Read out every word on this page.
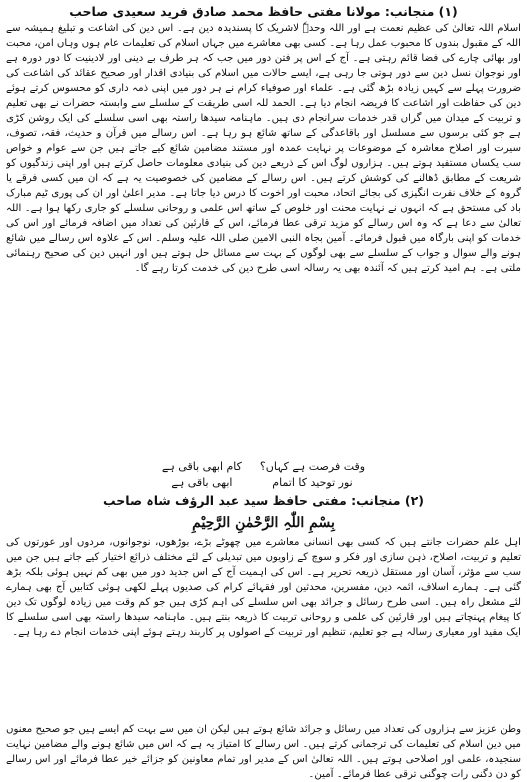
(۱) منجانب: مولانا مفتی حافظ محمد صادق فرید سعیدی صاحب

اسلام اللہ تعالیٰ کی عظیم نعمت ہے اور اللہ وحدہٗ لاشریک کا پسندیدہ دین ہے۔ اس دین کی اشاعت و تبلیغ ہمیشہ سے اللہ کے مقبول بندوں کا محبوب عمل رہا ہے۔ کسی بھی معاشرے میں جہاں اسلام کی تعلیمات عام ہوں وہاں امن، محبت اور بھائی چارے کی فضا قائم رہتی ہے۔ آج کے اس پر فتن دور میں جب کہ ہر طرف بے دینی اور لادینیت کا دور دورہ ہے اور نوجوان نسل دین سے دور ہوتی جا رہی ہے، ایسے حالات میں اسلام کی بنیادی اقدار اور صحیح عقائد کی اشاعت کی ضرورت پہلے سے کہیں زیادہ بڑھ گئی ہے۔ علماء اور صوفیاء کرام نے ہر دور میں اپنی ذمہ داری کو محسوس کرتے ہوئے دین کی حفاظت اور اشاعت کا فریضہ انجام دیا ہے۔ الحمد للہ اسی طریقت کے سلسلے سے وابستہ حضرات نے بھی تعلیم و تربیت کے میدان میں گراں قدر خدمات سرانجام دی ہیں۔ ماہنامہ سیدھا راستہ بھی اسی سلسلے کی ایک روشن کڑی ہے جو کئی برسوں سے مسلسل اور باقاعدگی کے ساتھ شائع ہو رہا ہے۔ اس رسالے میں قرآن و حدیث، فقہ، تصوف، سیرت اور اصلاح معاشرہ کے موضوعات پر نہایت عمدہ اور مستند مضامین شائع کیے جاتے ہیں جن سے عوام و خواص سب یکساں مستفید ہوتے ہیں۔ ہزاروں لوگ اس کے ذریعے دین کی بنیادی معلومات حاصل کرتے ہیں اور اپنی زندگیوں کو شریعت کے مطابق ڈھالنے کی کوشش کرتے ہیں۔ اس رسالے کے مضامین کی خصوصیت یہ ہے کہ ان میں کسی فرقے یا گروہ کے خلاف نفرت انگیزی کی بجائے اتحاد، محبت اور اخوت کا درس دیا جاتا ہے۔ مدیر اعلیٰ اور ان کی پوری ٹیم مبارک باد کی مستحق ہے کہ انہوں نے نہایت محنت اور خلوص کے ساتھ اس علمی و روحانی سلسلے کو جاری رکھا ہوا ہے۔ اللہ تعالیٰ سے دعا ہے کہ وہ اس رسالے کو مزید ترقی عطا فرمائے، اس کے قارئین کی تعداد میں اضافہ فرمائے اور اس کی خدمات کو اپنی بارگاہ میں قبول فرمائے۔ آمین بجاہ النبی الامین صلی اللہ علیہ وسلم۔ اس کے علاوہ اس رسالے میں شائع ہونے والے سوال و جواب کے سلسلے سے بھی لوگوں کے بہت سے مسائل حل ہوتے ہیں اور انہیں دین کی صحیح رہنمائی ملتی ہے۔ ہم امید کرتے ہیں کہ آئندہ بھی یہ رسالہ اسی طرح دین کی خدمت کرتا رہے گا۔

وقت فرصت ہے کہاں؟
نور توحید کا اتمام
کام ابھی باقی ہے
ابھی باقی ہے
(۲) منجانب: مفتی حافظ سید عبد الرؤف شاہ صاحب

بِسْمِ اللّٰہِ الرَّحْمٰنِ الرَّحِیْمِ

اہل علم حضرات جانتے ہیں کہ کسی بھی انسانی معاشرے میں چھوٹے بڑے، بوڑھوں، نوجوانوں، مردوں اور عورتوں کی تعلیم و تربیت، اصلاح، ذہن سازی اور فکر و سوچ کے زاویوں میں تبدیلی کے لئے مختلف ذرائع اختیار کیے جاتے ہیں جن میں سب سے مؤثر، آسان اور مستقل ذریعہ تحریر ہے۔ اس کی اہمیت آج کے اس جدید دور میں بھی کم نہیں ہوئی بلکہ بڑھ گئی ہے۔ ہمارے اسلاف، ائمہ دین، مفسرین، محدثین اور فقہائے کرام کی صدیوں پہلے لکھی ہوئی کتابیں آج بھی ہمارے لئے مشعل راہ ہیں۔ اسی طرح رسائل و جرائد بھی اس سلسلے کی اہم کڑی ہیں جو کم وقت میں زیادہ لوگوں تک دین کا پیغام پہنچاتے ہیں اور قارئین کی علمی و روحانی تربیت کا ذریعہ بنتے ہیں۔ ماہنامہ سیدھا راستہ بھی اسی سلسلے کا ایک مفید اور معیاری رسالہ ہے جو تعلیم، تنظیم اور تربیت کے اصولوں پر کاربند رہتے ہوئے اپنی خدمات انجام دے رہا ہے۔

وطن عزیز سے ہزاروں کی تعداد میں رسائل و جرائد شائع ہوتے ہیں لیکن ان میں سے بہت کم ایسے ہیں جو صحیح معنوں میں دین اسلام کی تعلیمات کی ترجمانی کرتے ہیں۔ اس رسالے کا امتیاز یہ ہے کہ اس میں شائع ہونے والے مضامین نہایت سنجیدہ، علمی اور اصلاحی ہوتے ہیں۔ اللہ تعالیٰ اس کے مدیر اور تمام معاونین کو جزائے خیر عطا فرمائے اور اس رسالے کو دن دگنی رات چوگنی ترقی عطا فرمائے۔ آمین۔
